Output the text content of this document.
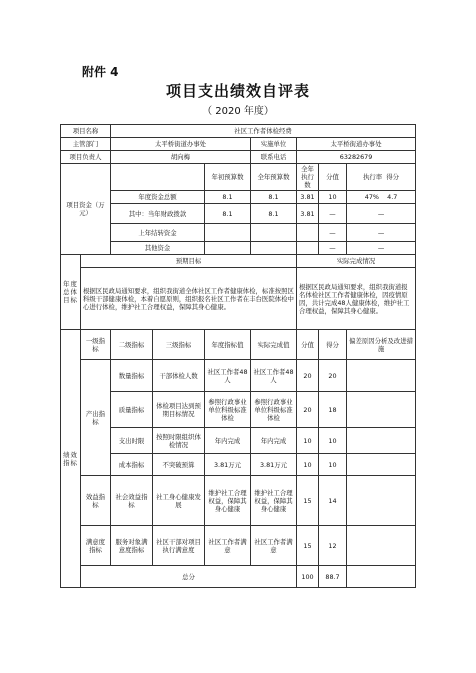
附件 4
项目支出绩效自评表
（ 2020 年度）
项目名称		社区工作者体检经费						
主管部门		太平桥街道办事处			实施单位	太平桥街道办事处		
项目负责人		胡向梅			联系电话	63282679		
项目资金（万元）				年初预算数	全年预算数	全年执行数	分值	执行率 得分
		年度资金总额		8.1	8.1	3.81	10	47% 4.7
		其中：当年财政拨款		8.1	8.1	3.81	—	—
		上年结转资金					—	—
		其他资金					—	—
年度总体目标	预期目标					实际完成情况		
	根据区民政局通知要求，组织我街道全体社区工作者健康体检，标准按照区科级干部健康体检，本着自愿原则，组织报名社区工作者在丰台医院体检中心进行体检，维护社工合理权益，保障其身心健康。					根据区民政局通知要求，组织我街道报名体检社区工作者健康体检，因疫情原因，共计完成48人健康体检，维护社工合理权益，保障其身心健康。		
绩效指标	一级指标	二级指标	三级指标	年度指标值	实际完成值	分值	得分	偏差原因分析及改进措施
	产出指标	数量指标	干部体检人数	社区工作者48人	社区工作者48人	20	20	
		质量指标	体检项目达到预期目标情况	参照行政事业单位科级标准体检	参照行政事业单位科级标准体检	20	18	
		支出时限	按照时限组织体检情况	年内完成	年内完成	10	10	
		成本指标	不突破预算	3.81万元	3.81万元	10	10	
	效益指标	社会效益指标	社工身心健康发展	维护社工合理权益，保障其身心健康	维护社工合理权益，保障其身心健康	15	14	
	满意度指标	服务对象满意度指标	社区干部对项目执行满意度	社区工作者满意	社区工作者满意	15	12	
	总分					100	88.7	
